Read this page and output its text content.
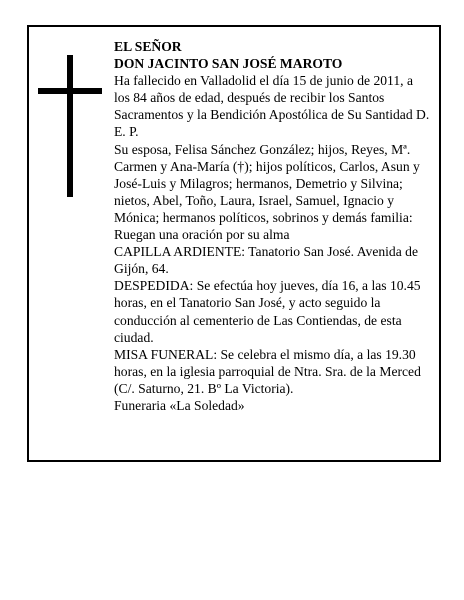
EL SEÑOR

DON JACINTO SAN JOSÉ MAROTO

Ha fallecido en Valladolid el día 15 de junio de 2011, a los 84 años de edad, después de recibir los Santos Sacramentos y la Bendición Apostólica de Su Santidad D. E. P.

Su esposa, Felisa Sánchez González; hijos, Reyes, Mª. Carmen y Ana-María (†); hijos políticos, Carlos, Asun y José-Luis y Milagros; hermanos, Demetrio y Silvina; nietos, Abel, Toño, Laura, Israel, Samuel, Ignacio y Mónica; hermanos políticos, sobrinos y demás familia:

Ruegan una oración por su alma

CAPILLA ARDIENTE: Tanatorio San José. Avenida de Gijón, 64.

DESPEDIDA: Se efectúa hoy jueves, día 16, a las 10.45 horas, en el Tanatorio San José, y acto seguido la conducción al cementerio de Las Contiendas, de esta ciudad.

MISA FUNERAL: Se celebra el mismo día, a las 19.30 horas, en la iglesia parroquial de Ntra. Sra. de la Merced (C/. Saturno, 21. Bº La Victoria).

Funeraria «La Soledad»
